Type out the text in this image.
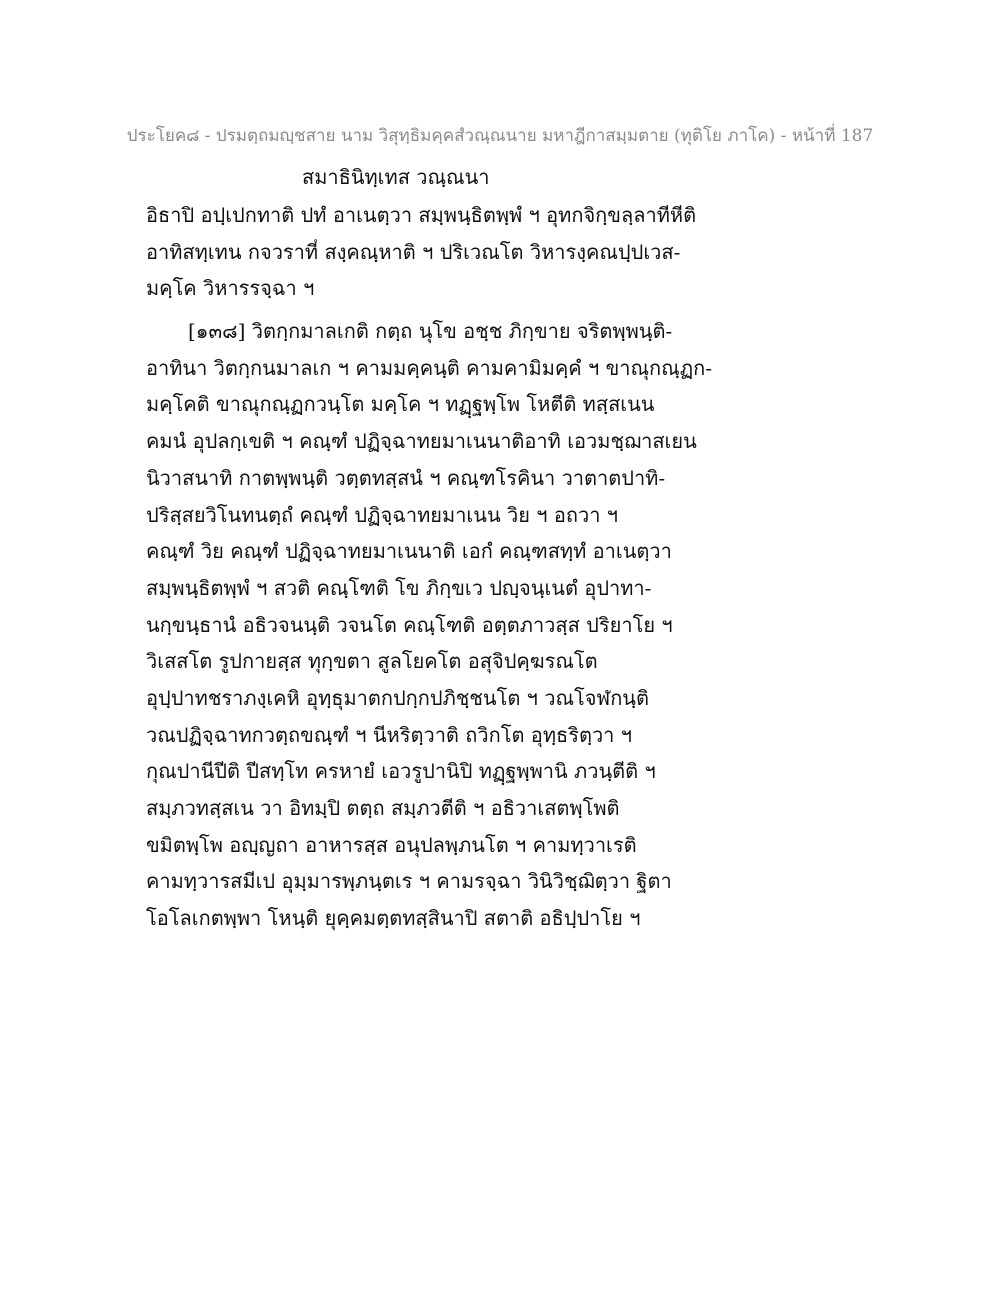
ประโยค๘ - ปรมตฺถมญฺชสาย นาม วิสุทฺธิมคฺคสํวณฺณนาย มหาฎีกาสมฺมตาย (ทุติโย ภาโค) - หน้าที่ 187
สมาธินิทฺเทส วณฺณนา
อิธาปิ อปฺเปกทาติ ปทํ อาเนตฺวา สมฺพนฺธิตพฺพํ ฯ อุทกจิกฺขลฺลาทีหีติ
อาทิสทฺเทน กจวราทีํ สงฺคณฺหาติ ฯ ปริเวณโต วิหารงฺคณปฺปเวส-
มคฺโค วิหารรจฺฉา ฯ
[๑๓๘] วิตกฺกมาลเกติ กตฺถ นุโข อชฺช ภิกฺขาย จริตพฺพนฺติ-
อาทินา วิตกฺกนมาลเก ฯ คามมคฺคนฺติ คามคามิมคฺคํ ฯ ขาณุกณฺฏก-
มคฺโคติ ขาณุกณฺฏกวนฺโต มคฺโค ฯ ทฏฺฐพฺโพ โหตีติ ทสฺสเนน
คมนํ อุปลกฺเขติ ฯ คณฺฑํ ปฏิจฺฉาทยมาเนนาติอาทิ เอวมชฺฌาสเยน
นิวาสนาทิ กาตพฺพนฺติ วตฺตทสฺสนํ ฯ คณฺฑโรคินา วาตาตปาทิ-
ปริสฺสยวิโนทนตฺถํ คณฺฑํ ปฏิจฺฉาทยมาเนน วิย ฯ อถวา ฯ
คณฺฑํ วิย คณฺฑํ ปฏิจฺฉาทยมาเนนาติ เอกํ คณฺฑสทฺทํ อาเนตฺวา
สมฺพนฺธิตพฺพํ ฯ สวติ คณฺโฑติ โข ภิกฺขเว ปญฺจนฺเนตํ อุปาทา-
นกฺขนฺธานํ อธิวจนนฺติ วจนโต คณฺโฑติ อตฺตภาวสฺส ปริยาโย ฯ
วิเสสโต รูปกายสฺส ทุกฺขตา สูลโยคโต อสุจิปคฺฆรณโต
อุปฺปาทชราภงฺเคหิ อุทฺธุมาตกปกฺกปภิชฺชนโต ฯ วณโจฬกนฺติ
วณปฏิจฺฉาทกวตฺถขณฺฑํ ฯ นีหริตฺวาติ ถวิกโต อุทฺธริตฺวา ฯ
กุณปานีปีติ ปีสทฺโท ครหายํ เอวรูปานิปิ ทฏฺฐพฺพานิ ภวนฺตีติ ฯ
สมฺภวทสฺสเน วา อิทมฺปิ ตตฺถ สมฺภวตีติ ฯ อธิวาเสตพฺโพติ
ขมิตพฺโพ อญฺญถา อาหารสฺส อนุปลพฺภนโต ฯ คามทฺวาเรติ
คามทฺวารสมีเป อุมฺมารพฺภนฺตเร ฯ คามรจฺฉา วินิวิชฺฌิตฺวา ฐิตา
โอโลเกตพฺพา โหนฺติ ยุคฺคมตฺตทสฺสินาปิ สตาติ อธิปฺปาโย ฯ
